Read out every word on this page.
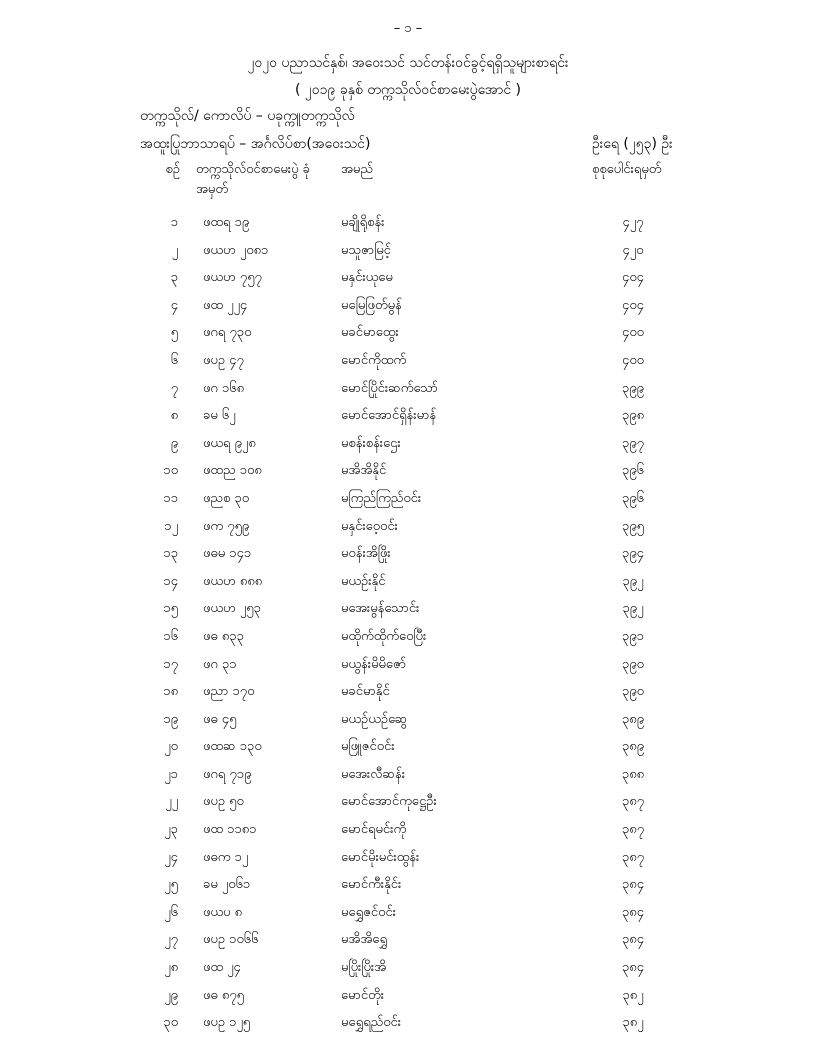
– ၁ –
၂၀၂၀ ပညာသင်နှစ်၊ အဝေးသင် သင်တန်းဝင်ခွင့်ရရှိသူများစာရင်း
( ၂၀၁၉ ခုနှစ် တက္ကသိုလ်ဝင်စာမေးပွဲအောင် )
တက္ကသိုလ်/ ကောလိပ် – ပခုက္ကူတက္ကသိုလ်
အထူးပြုဘာသာရပ် – အင်္ဂလိပ်စာ(အဝေးသင်)	ဦးရေ (၂၅၃) ဦး
စဉ် တက္ကသိုလ်ဝင်စာမေးပွဲ ခုံအမှတ်
အမည်	စုစုပေါင်းရမှတ်
၁ ဖထရ ၁၉	မချိုရိုစန်း	၄၂၇
၂ ဖယဟ ၂၀၈၁	မသူဇာမြင့်	၄၂၀
၃ ဖယဟ ၇၅၇	မနှင်းယုမေ	၄၀၄
၄ ဖထ ၂၂၄	မမြေဖြတ်မွန်	၄၀၄
၅ ဖဂရ ၇၃၀	မခင်မာထွေး	၄၀၀
၆ ဖပဥ ၄၇	မောင်ကိုထက်	၄၀၀
၇ ဖဂ ၁၆၈	မောင်ပြိုင်းဆက်သော်	၃၉၉
၈ ခမ ၆၂	မောင်အောင်ရှိန်းမာန်	၃၉၈
၉ ဖယရ ၉၂၈	မစန်းစန်းဌေး	၃၉၇
၁၀ ဖထည ၁၀၈	မအိအိနိုင်	၃၉၆
၁၁ ဖညစ ၃၀	မကြည်ကြည်ဝင်း	၃၉၆
၁၂ ဖက ၇၅၉	မနှင်းဝေ့ဝင်း	၃၉၅
၁၃ ဖဓမ ၁၄၁	မဝန်းအိဖြိုး	၃၉၄
၁၄ ဖယဟ ၈၈၈	မယဉ်းနိုင်	၃၉၂
၁၅ ဖယဟ ၂၅၃	မအေးမွန်သောင်း	၃၉၂
၁၆ ဖဓ ၈၃၃	မထိုက်ထိုက်ဝေပြီး	၃၉၁
၁၇ ဖဂ ၃၁	မယွန်းမိမိဇော်	၃၉၀
၁၈ ဖညာ ၁၇၀	မခင်မာနိုင်	၃၉၀
၁၉ ဖဓ ၄၅	မယဉ်ယဉ်ဆွေ	၃၈၉
၂၀ ဖထဆ ၁၃၀	မဖြူဇင်ဝင်း	၃၈၉
၂၁ ဖဂရ ၇၁၉	မအေးလီဆန်း	၃၈၈
၂၂ ဖပဥ ၅၀	မောင်အောင်ကုဋ္ဌေဦး	၃၈၇
၂၃ ဖထ ၁၁၈၁	မောင်ရမင်းကို	၃၈၇
၂၄ ဖဓက ၁၂	မောင်မိုးမင်းထွန်း	၃၈၇
၂၅ ခမ ၂၀၆၁	မောင်ကီးနိုင်း	၃၈၄
၂၆ ဖယပ ၈	မရွှေဇင်ဝင်း	၃၈၄
၂၇ ဖပဥ ၁၀၆၆	မအိအိရွှေ	၃၈၄
၂၈ ဖထ ၂၄	မပြိုးပြိုးအိ	၃၈၄
၂၉ ဖဓ ၈၇၅	မောင်တိုး	၃၈၂
၃၀ ဖပဥ ၁၂၅	မရွှေရည်ဝင်း	၃၈၂
